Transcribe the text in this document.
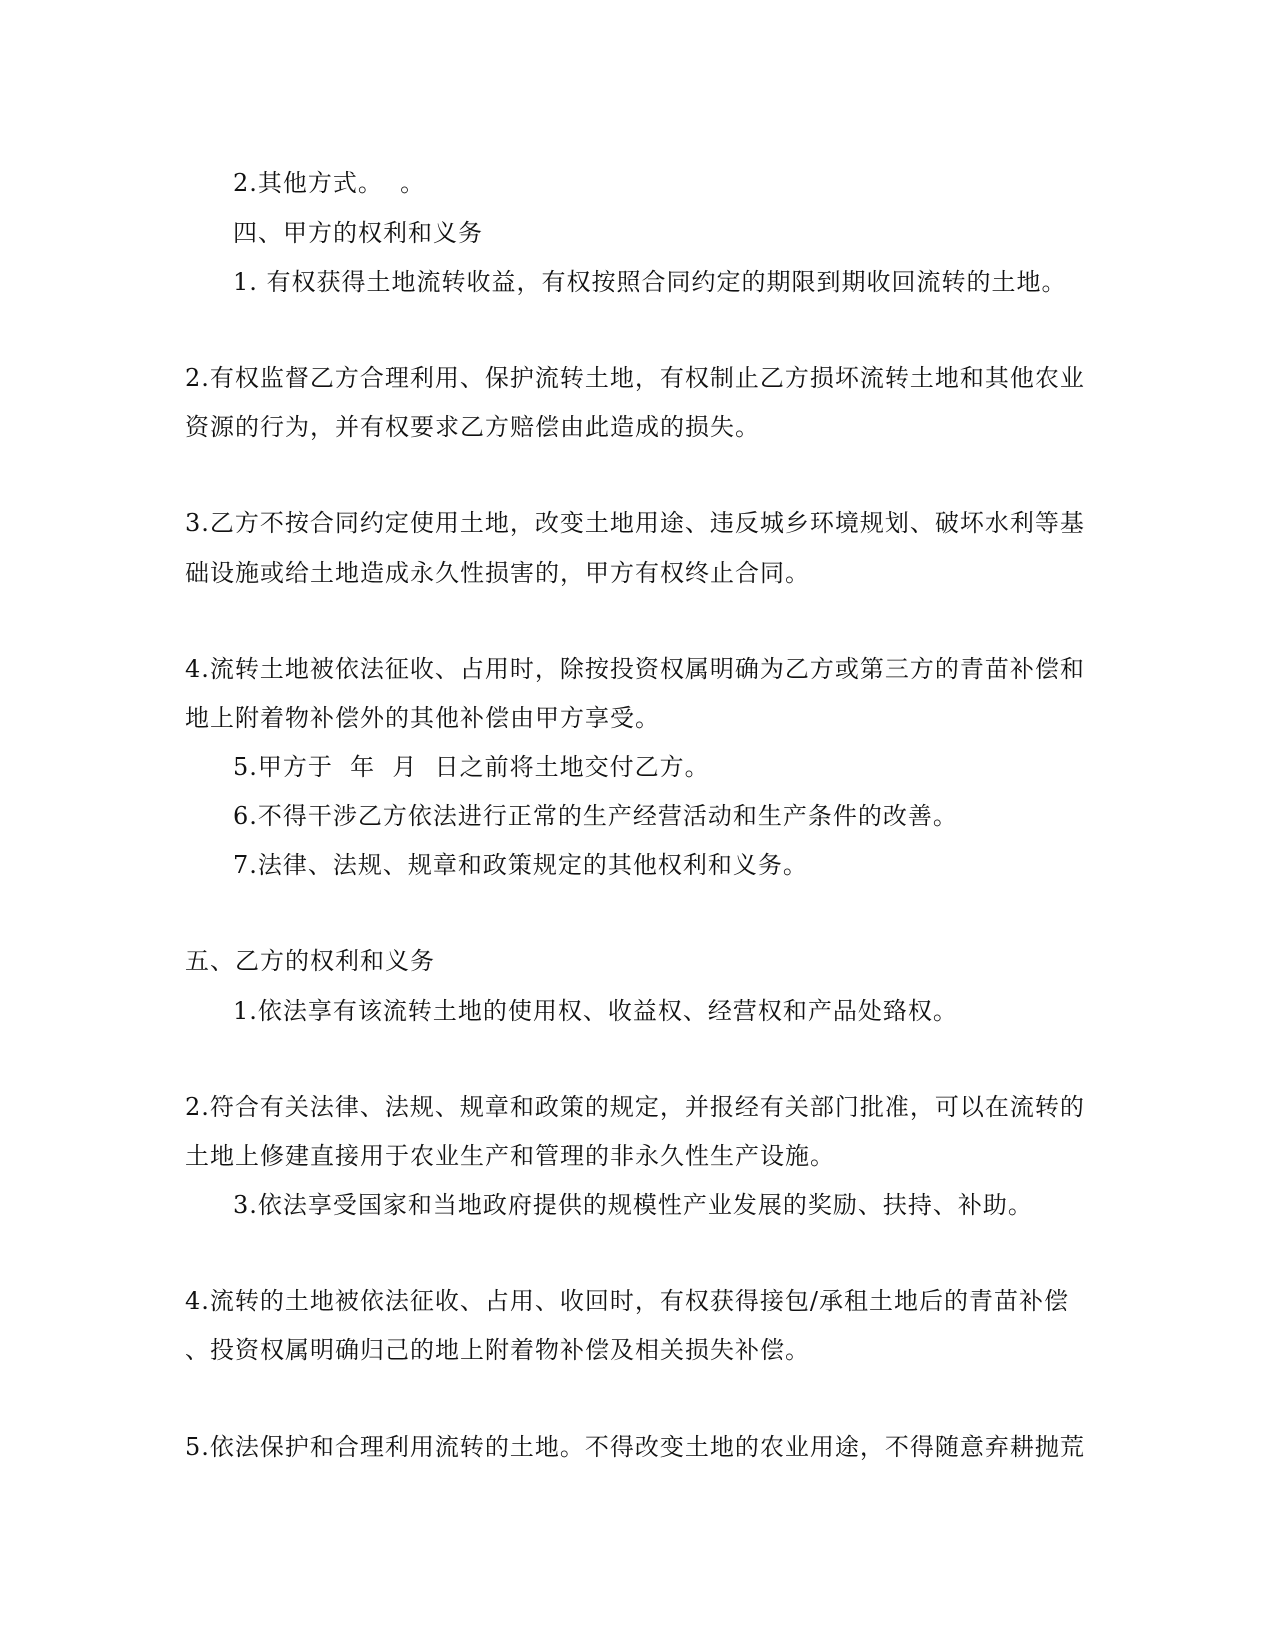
2.其他方式。  。
四、甲方的权利和义务
1. 有权获得土地流转收益，有权按照合同约定的期限到期收回流转的土地。
2.有权监督乙方合理利用、保护流转土地，有权制止乙方损坏流转土地和其他农业
资源的行为，并有权要求乙方赔偿由此造成的损失。
3.乙方不按合同约定使用土地，改变土地用途、违反城乡环境规划、破坏水利等基
础设施或给土地造成永久性损害的，甲方有权终止合同。
4.流转土地被依法征收、占用时，除按投资权属明确为乙方或第三方的青苗补偿和
地上附着物补偿外的其他补偿由甲方享受。
5.甲方于  年  月  日之前将土地交付乙方。
6.不得干涉乙方依法进行正常的生产经营活动和生产条件的改善。
7.法律、法规、规章和政策规定的其他权利和义务。
五、乙方的权利和义务
1.依法享有该流转土地的使用权、收益权、经营权和产品处臵权。
2.符合有关法律、法规、规章和政策的规定，并报经有关部门批准，可以在流转的
土地上修建直接用于农业生产和管理的非永久性生产设施。
3.依法享受国家和当地政府提供的规模性产业发展的奖励、扶持、补助。
4.流转的土地被依法征收、占用、收回时，有权获得接包/承租土地后的青苗补偿
、投资权属明确归己的地上附着物补偿及相关损失补偿。
5.依法保护和合理利用流转的土地。不得改变土地的农业用途，不得随意弃耕抛荒
